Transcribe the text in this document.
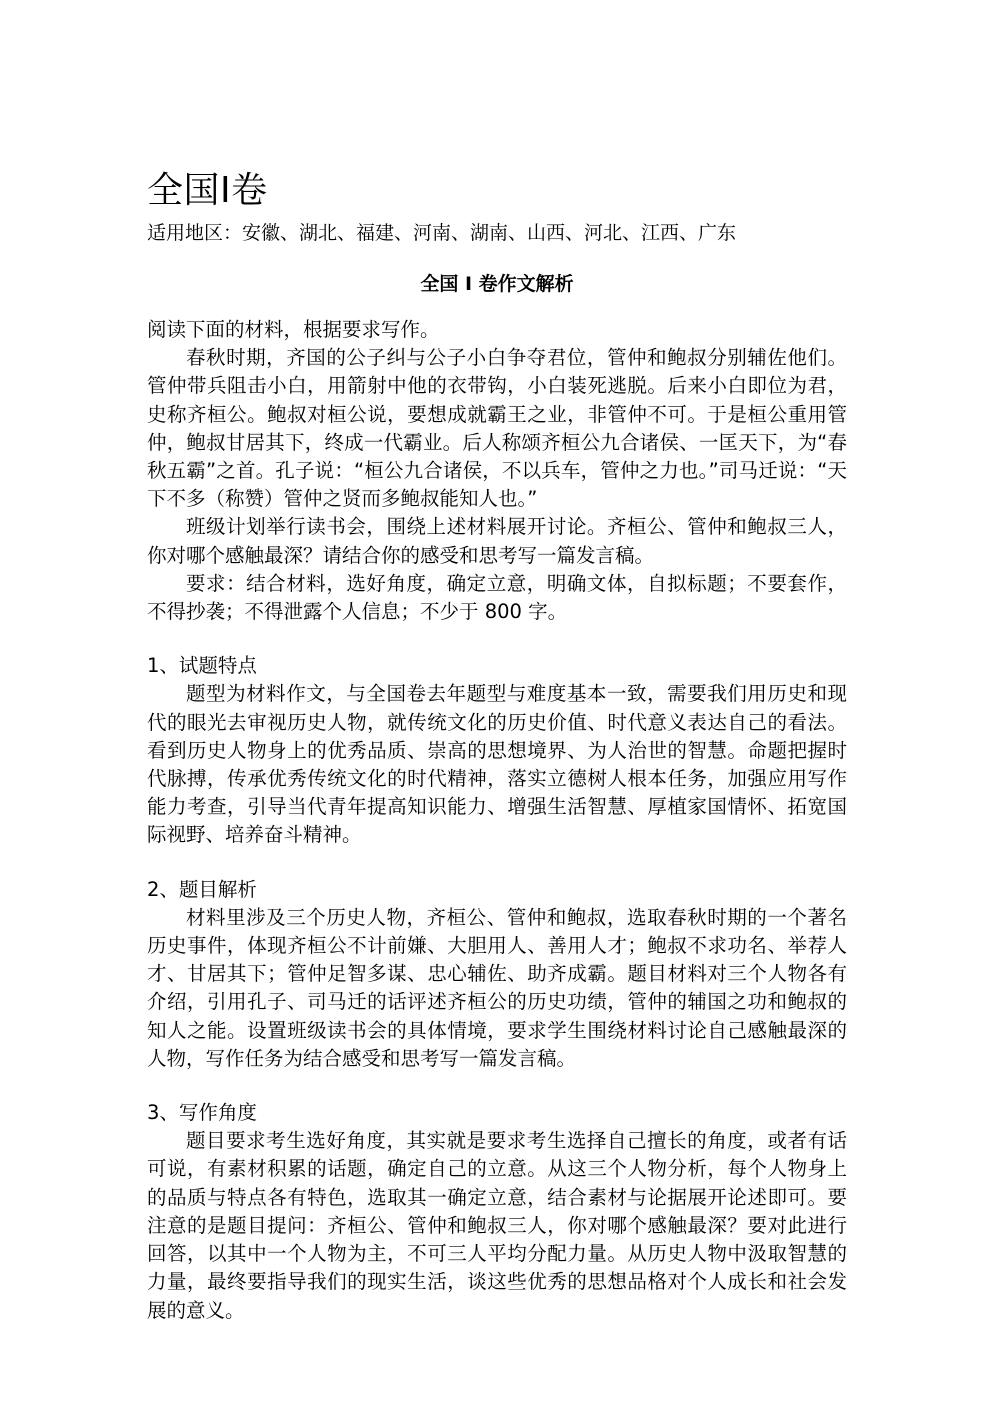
全国I卷

适用地区：安徽、湖北、福建、河南、湖南、山西、河北、江西、广东

全国 I 卷作文解析

阅读下面的材料，根据要求写作。

春秋时期，齐国的公子纠与公子小白争夺君位，管仲和鲍叔分别辅佐他们。管仲带兵阻击小白，用箭射中他的衣带钩，小白装死逃脱。后来小白即位为君，史称齐桓公。鲍叔对桓公说，要想成就霸王之业，非管仲不可。于是桓公重用管仲，鲍叔甘居其下，终成一代霸业。后人称颂齐桓公九合诸侯、一匡天下，为“春秋五霸”之首。孔子说：“桓公九合诸侯，不以兵车，管仲之力也。”司马迁说：“天下不多（称赞）管仲之贤而多鲍叔能知人也。”

班级计划举行读书会，围绕上述材料展开讨论。齐桓公、管仲和鲍叔三人，你对哪个感触最深？请结合你的感受和思考写一篇发言稿。

要求：结合材料，选好角度，确定立意，明确文体，自拟标题；不要套作，不得抄袭；不得泄露个人信息；不少于 800 字。

1、试题特点

题型为材料作文，与全国卷去年题型与难度基本一致，需要我们用历史和现代的眼光去审视历史人物，就传统文化的历史价值、时代意义表达自己的看法。看到历史人物身上的优秀品质、崇高的思想境界、为人治世的智慧。命题把握时代脉搏，传承优秀传统文化的时代精神，落实立德树人根本任务，加强应用写作能力考查，引导当代青年提高知识能力、增强生活智慧、厚植家国情怀、拓宽国际视野、培养奋斗精神。

2、题目解析

材料里涉及三个历史人物，齐桓公、管仲和鲍叔，选取春秋时期的一个著名历史事件，体现齐桓公不计前嫌、大胆用人、善用人才；鲍叔不求功名、举荐人才、甘居其下；管仲足智多谋、忠心辅佐、助齐成霸。题目材料对三个人物各有介绍，引用孔子、司马迁的话评述齐桓公的历史功绩，管仲的辅国之功和鲍叔的知人之能。设置班级读书会的具体情境，要求学生围绕材料讨论自己感触最深的人物，写作任务为结合感受和思考写一篇发言稿。

3、写作角度

题目要求考生选好角度，其实就是要求考生选择自己擅长的角度，或者有话可说，有素材积累的话题，确定自己的立意。从这三个人物分析，每个人物身上的品质与特点各有特色，选取其一确定立意，结合素材与论据展开论述即可。要注意的是题目提问：齐桓公、管仲和鲍叔三人，你对哪个感触最深？要对此进行回答，以其中一个人物为主，不可三人平均分配力量。从历史人物中汲取智慧的力量，最终要指导我们的现实生活，谈这些优秀的思想品格对个人成长和社会发展的意义。
